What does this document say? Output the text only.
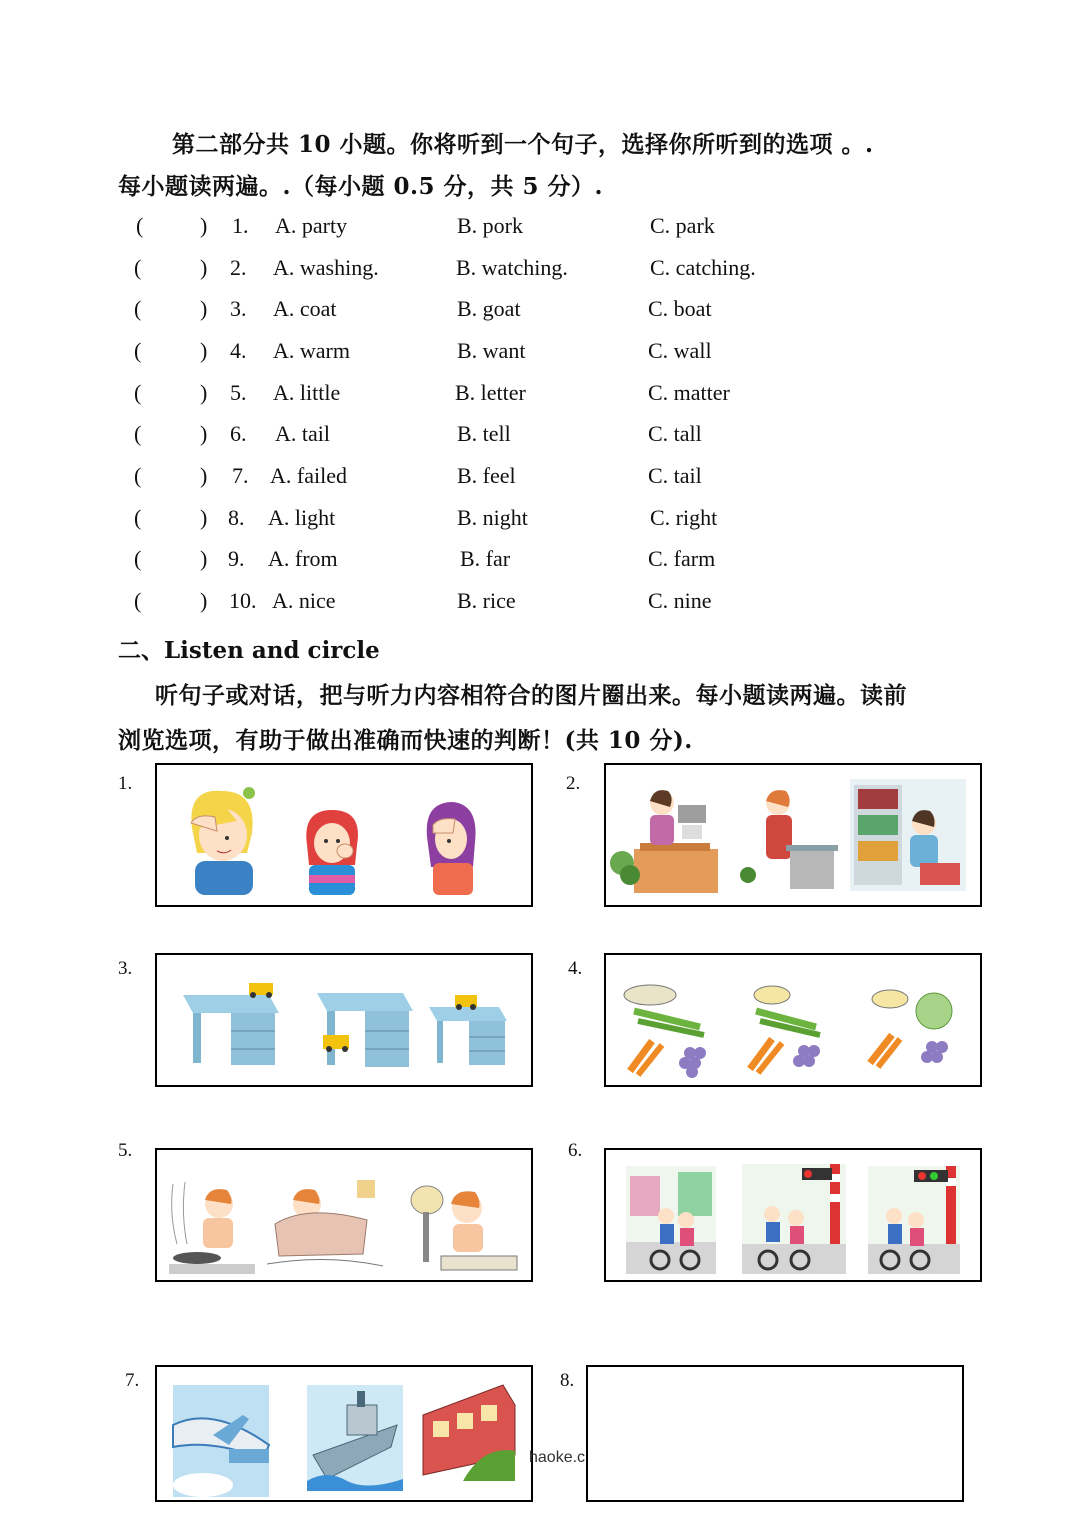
第二部分共 10 小题。你将听到一个句子，选择你所听到的选项 。.
每小题读两遍。.（每小题 0.5 分，共 5 分）.
(	) 1. A. party	B. pork	C. park
(	) 2. A. washing.	B. watching.	C. catching.
(	) 3. A. coat	B. goat	C. boat
(	) 4. A. warm	B. want	C. wall
(	) 5. A. little	B. letter	C. matter
(	) 6. A. tail	B. tell	C. tall
(	) 7. A. failed	B. feel	C. tail
(	) 8. A. light	B. night	C. right
(	) 9. A. from	B. far	C. farm
(	) 10. A. nice	B. rice	C. nine
二、Listen and circle
听句子或对话，把与听力内容相符合的图片圈出来。每小题读两遍。读前
浏览选项，有助于做出准确而快速的判断！(共 10 分).
1.	2.
3.	4.
5.	6.
7.	8.
haoke.c
